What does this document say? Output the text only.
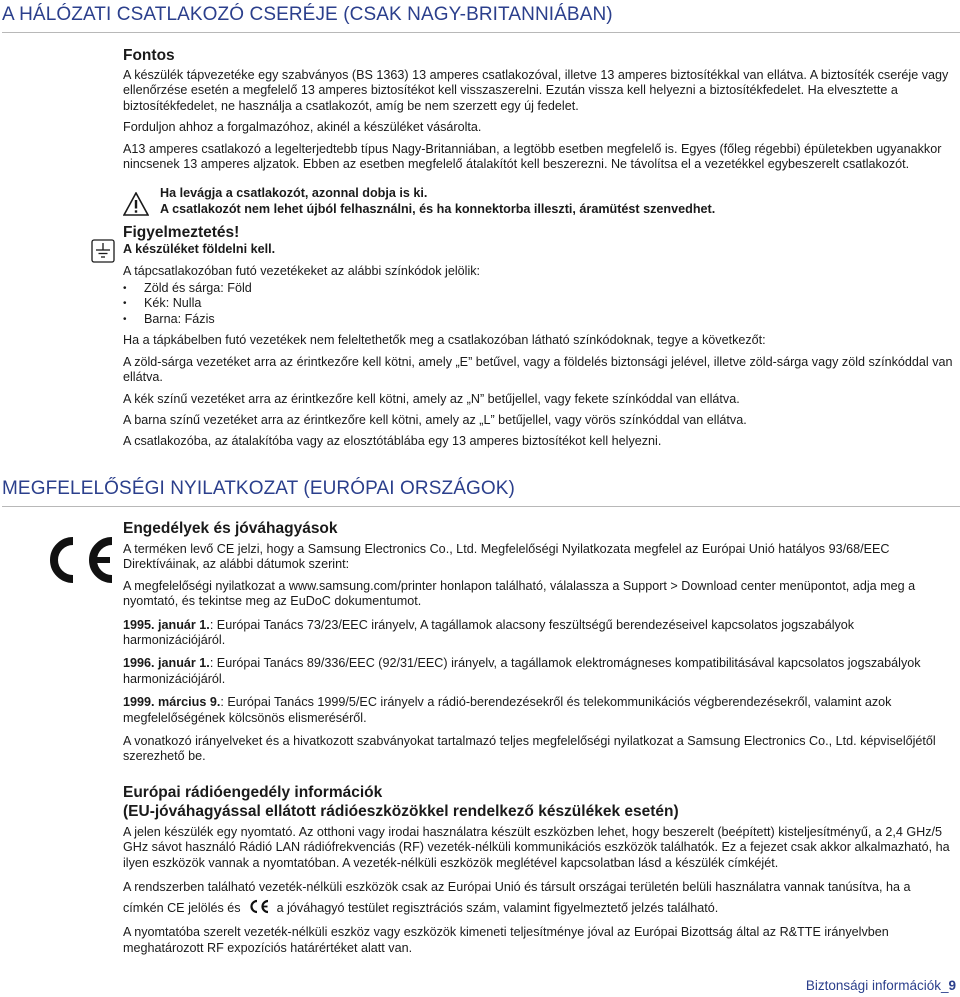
A HÁLÓZATI CSATLAKOZÓ CSERÉJE (CSAK NAGY-BRITANNIÁBAN)
Fontos

A készülék tápvezetéke egy szabványos (BS 1363) 13 amperes csatlakozóval, illetve 13 amperes biztosítékkal van ellátva. A biztosíték cseréje vagy ellenőrzése esetén a megfelelő 13 amperes biztosítékot kell visszaszerelni. Ezután vissza kell helyezni a biztosítékfedelet. Ha elvesztette a biztosítékfedelet, ne használja a csatlakozót, amíg be nem szerzett egy új fedelet.

Forduljon ahhoz a forgalmazóhoz, akinél a készüléket vásárolta.

A13 amperes csatlakozó a legelterjedtebb típus Nagy-Britanniában, a legtöbb esetben megfelelő is. Egyes (főleg régebbi) épületekben ugyanakkor nincsenek 13 amperes aljzatok. Ebben az esetben megfelelő átalakítót kell beszerezni. Ne távolítsa el a vezetékkel egybeszerelt csatlakozót.

Ha levágja a csatlakozót, azonnal dobja is ki.

A csatlakozót nem lehet újból felhasználni, és ha konnektorba illeszti, áramütést szenvedhet.

Figyelmeztetés!

A készüléket földelni kell.

A tápcsatlakozóban futó vezetékeket az alábbi színkódok jelölik:

• Zöld és sárga: Föld
• Kék: Nulla
• Barna: Fázis

Ha a tápkábelben futó vezetékek nem feleltethetők meg a csatlakozóban látható színkódoknak, tegye a következőt:

A zöld-sárga vezetéket arra az érintkezőre kell kötni, amely „E” betűvel, vagy a földelés biztonsági jelével, illetve zöld-sárga vagy zöld színkóddal van ellátva.

A kék színű vezetéket arra az érintkezőre kell kötni, amely az „N” betűjellel, vagy fekete színkóddal van ellátva.

A barna színű vezetéket arra az érintkezőre kell kötni, amely az „L” betűjellel, vagy vörös színkóddal van ellátva.

A csatlakozóba, az átalakítóba vagy az elosztótáblába egy 13 amperes biztosítékot kell helyezni.

MEGFELELŐSÉGI NYILATKOZAT (EURÓPAI ORSZÁGOK)
Engedélyek és jóváhagyások

A terméken levő CE jelzi, hogy a Samsung Electronics Co., Ltd. Megfelelőségi Nyilatkozata megfelel az Európai Unió hatályos 93/68/EEC Direktíváinak, az alábbi dátumok szerint:

A megfelelőségi nyilatkozat a www.samsung.com/printer honlapon található, válalassza a Support > Download center menüpontot, adja meg a nyomtató, és tekintse meg az EuDoC dokumentumot.

1995. január 1.: Európai Tanács 73/23/EEC irányelv, A tagállamok alacsony feszültségű berendezéseivel kapcsolatos jogszabályok harmonizációjáról.

1996. január 1.: Európai Tanács 89/336/EEC (92/31/EEC) irányelv, a tagállamok elektromágneses kompatibilitásával kapcsolatos jogszabályok harmonizációjáról.

1999. március 9.: Európai Tanács 1999/5/EC irányelv a rádió-berendezésekről és telekommunikációs végberendezésekről, valamint azok megfelelőségének kölcsönös elismeréséről.

A vonatkozó irányelveket és a hivatkozott szabványokat tartalmazó teljes megfelelőségi nyilatkozat a Samsung Electronics Co., Ltd. képviselőjétől szerezhető be.

Európai rádióengedély információk
(EU-jóváhagyással ellátott rádióeszközökkel rendelkező készülékek esetén)

A jelen készülék egy nyomtató. Az otthoni vagy irodai használatra készült eszközben lehet, hogy beszerelt (beépített) kisteljesítményű, a 2,4 GHz/5 GHz sávot használó Rádió LAN rádiófrekvenciás (RF) vezeték-nélküli kommunikációs eszközök találhatók. Ez a fejezet csak akkor alkalmazható, ha ilyen eszközök vannak a nyomtatóban. A vezeték-nélküli eszközök meglétével kapcsolatban lásd a készülék címkéjét.

A rendszerben található vezeték-nélküli eszközök csak az Európai Unió és társult országai területén belüli használatra vannak tanúsítva, ha a címkén CE jelölés és	a jóváhagyó testület regisztrációs szám, valamint figyelmeztető jelzés található.

A nyomtatóba szerelt vezeték-nélküli eszköz vagy eszközök kimeneti teljesítménye jóval az Európai Bizottság által az R&TTE irányelvben meghatározott RF expozíciós határértéket alatt van.

Biztonsági információk_9
